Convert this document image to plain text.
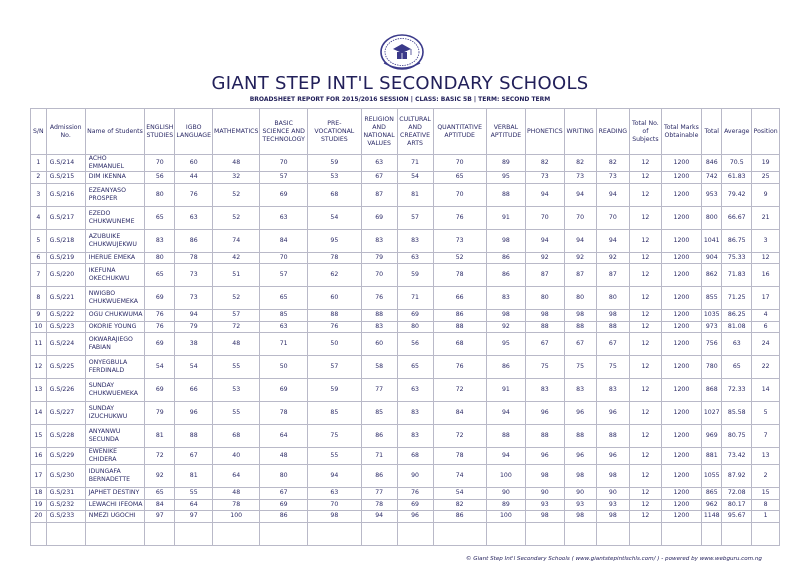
GIANT STEP INT'L SECONDARY SCHOOLS
BROADSHEET REPORT FOR 2015/2016 SESSION | CLASS: BASIC 5B | TERM: SECOND TERM
S/N	Admission No.	Name of Students	ENGLISH STUDIES	IGBO LANGUAGE	MATHEMATICS	BASIC SCIENCE AND TECHNOLOGY	PRE-VOCATIONAL STUDIES	RELIGION AND NATIONAL VALUES	CULTURAL AND CREATIVE ARTS	QUANTITATIVE APTITUDE	VERBAL APTITUDE	PHONETICS	WRITING	READING	Total No. of Subjects	Total Marks Obtainable	Total	Average	Position
1	G.S/214	ACHO EMMANUEL	70	60	48	70	59	63	71	70	89	82	82	82	12	1200	846	70.5	19
2	G.S/215	DIM IKENNA	56	44	32	57	53	67	54	65	95	73	73	73	12	1200	742	61.83	25
3	G.S/216	EZEANYASO PROSPER	80	76	52	69	68	87	81	70	88	94	94	94	12	1200	953	79.42	9
4	G.S/217	EZEDO CHUKWUNEME	65	63	52	63	54	69	57	76	91	70	70	70	12	1200	800	66.67	21
5	G.S/218	AZUBUIKE CHUKWUJEKWU	83	86	74	84	95	83	83	73	98	94	94	94	12	1200	1041	86.75	3
6	G.S/219	IHERUE EMEKA	80	78	42	70	78	79	63	52	86	92	92	92	12	1200	904	75.33	12
7	G.S/220	IKEFUNA OKECHUKWU	65	73	51	57	62	70	59	78	86	87	87	87	12	1200	862	71.83	16
8	G.S/221	NWIGBO CHUKWUEMEKA	69	73	52	65	60	76	71	66	83	80	80	80	12	1200	855	71.25	17
9	G.S/222	OGU CHUKWUMA	76	94	57	85	88	88	69	86	98	98	98	98	12	1200	1035	86.25	4
10	G.S/223	OKORIE YOUNG	76	79	72	63	76	83	80	88	92	88	88	88	12	1200	973	81.08	6
11	G.S/224	OKWARAJIEGO FABIAN	69	38	48	71	50	60	56	68	95	67	67	67	12	1200	756	63	24
12	G.S/225	ONYEGBULA FERDINALD	54	54	55	50	57	58	65	76	86	75	75	75	12	1200	780	65	22
13	G.S/226	SUNDAY CHUKWUEMEKA	69	66	53	69	59	77	63	72	91	83	83	83	12	1200	868	72.33	14
14	G.S/227	SUNDAY IZUCHUKWU	79	96	55	78	85	85	83	84	94	96	96	96	12	1200	1027	85.58	5
15	G.S/228	ANYANWU SECUNDA	81	88	68	64	75	86	83	72	88	88	88	88	12	1200	969	80.75	7
16	G.S/229	EWENIKE CHIDERA	72	67	40	48	55	71	68	78	94	96	96	96	12	1200	881	73.42	13
17	G.S/230	IDUNGAFA BERNADETTE	92	81	64	80	94	86	90	74	100	98	98	98	12	1200	1055	87.92	2
18	G.S/231	JAPHET DESTINY	65	55	48	67	63	77	76	54	90	90	90	90	12	1200	865	72.08	15
19	G.S/232	LEWACHI IFEOMA	84	64	78	69	70	78	69	82	89	93	93	93	12	1200	962	80.17	8
20	G.S/233	NMEZI UGOCHI	97	97	100	86	98	94	96	86	100	98	98	98	12	1200	1148	95.67	1

© Giant Step Int'l Secondary Schools ( www.giantstepintlschls.com/ ) - powered by www.webguru.com.ng
